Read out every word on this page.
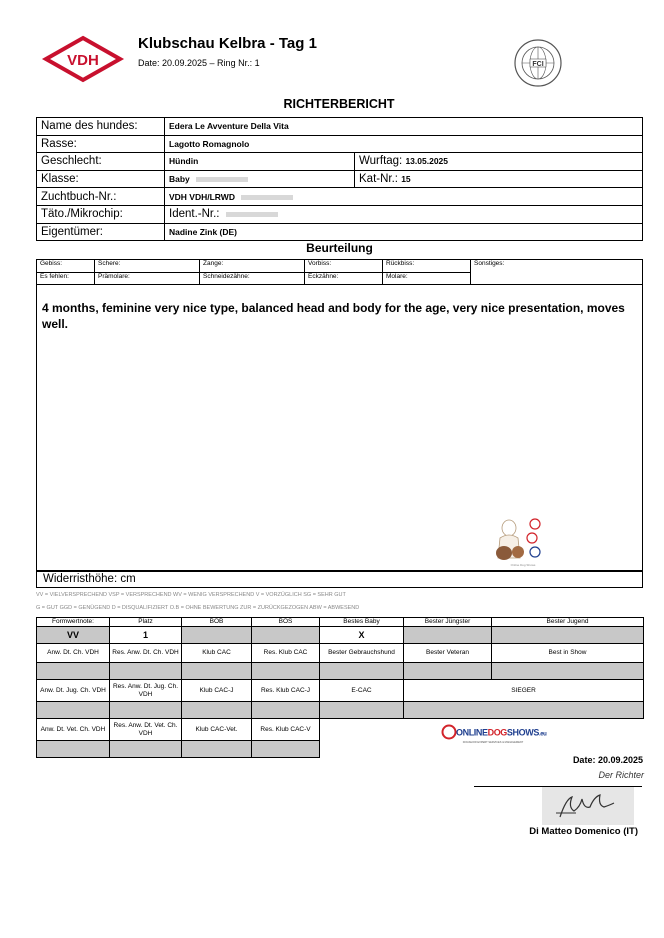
VDH
Klubschau Kelbra - Tag 1
Date: 20.09.2025 – Ring Nr.: 1	FCI
RICHTERBERICHT
Name des hundes:	Edera Le Avventure Della Vita	
Rasse:	Lagotto Romagnolo	
Geschlecht:	Hündin	Wurftag: 13.05.2025
Klasse:	Baby	Kat-Nr.: 15
Zuchtbuch-Nr.:	VDH VDH/LRWD	
Täto./Mikrochip:	Ident.-Nr.:	
Eigentümer:	Nadine Zink (DE)	
Beurteilung
Gebiss:	Schere:	Zange:	Vorbiss:	Rückbiss:	Sonstiges:
Es fehlen:	Prämolare:	Schneidezähne:	Eckzähne:	Molare:	
4 months, feminine very nice type, balanced head and body for the age, very nice presentation, moves well.
Online Dog Shows
Widerristhöhe: cm
VV = VIELVERSPRECHEND VSP = VERSPRECHEND WV = WENIG VERSPRECHEND V = VORZÜGLICH SG = SEHR GUT
G = GUT GGD = GENÜGEND D = DISQUALIFIZIERT O.B = OHNE BEWERTUNG ZUR = ZURÜCKGEZOGEN ABW = ABWESEND
Formwertnote:	Platz	BOB	BOS	Bestes Baby	Bester Jüngster	Bester Jugend
VV	1			X		
Anw. Dt. Ch. VDH	Res. Anw. Dt. Ch. VDH	Klub CAC	Res. Klub CAC	Bester Gebrauchshund	Bester Veteran	Best in Show

Anw. Dt. Jug. Ch. VDH	Res. Anw. Dt. Jug. Ch. VDH	Klub CAC-J	Res. Klub CAC-J	E-CAC	SIEGER	

Anw. Dt. Vet. Ch. VDH	Res. Anw. Dt. Vet. Ch. VDH	Klub CAC-Vet.	Res. Klub CAC-V			
					ONLINEDOGSHOWS.eu
DOGSHOW EXPERT SERVICES & MANAGEMENT
Date: 20.09.2025
Der Richter
Di Matteo Domenico (IT)
